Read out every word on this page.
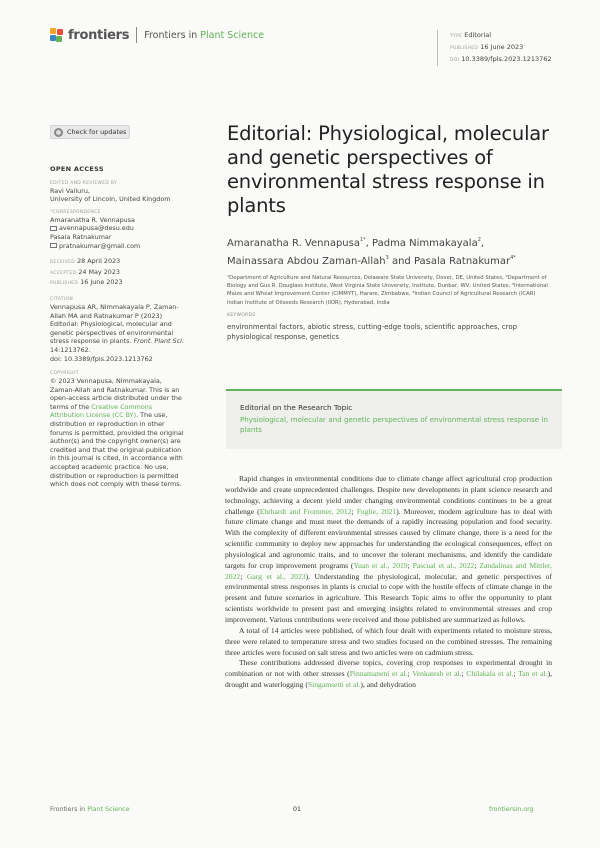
frontiers Frontiers in Plant Science	TYPE Editorial
PUBLISHED 16 June 2023
DOI 10.3389/fpls.2023.1213762
Check for updates
OPEN ACCESS
EDITED AND REVIEWED BY
Ravi Valluru,
University of Lincoln, United Kingdom
*CORRESPONDENCE
Amaranatha R. Vennapusa
avennapusa@desu.edu
Pasala Ratnakumar
pratnakumar@gmail.com
RECEIVED 28 April 2023
ACCEPTED 24 May 2023
PUBLISHED 16 June 2023
CITATION
Vennapusa AR, Nimmakayala P, Zaman-Allah MA and Ratnakumar P (2023) Editorial: Physiological, molecular and genetic perspectives of environmental stress response in plants. Front. Plant Sci. 14:1213762.
doi: 10.3389/fpls.2023.1213762
COPYRIGHT
© 2023 Vennapusa, Nimmakayala, Zaman-Allah and Ratnakumar. This is an open-access article distributed under the terms of the Creative Commons Attribution License (CC BY). The use, distribution or reproduction in other forums is permitted, provided the original author(s) and the copyright owner(s) are credited and that the original publication in this journal is cited, in accordance with accepted academic practice. No use, distribution or reproduction is permitted which does not comply with these terms.
Editorial: Physiological, molecular and genetic perspectives of environmental stress response in plants
Amaranatha R. Vennapusa$^{1*}$, Padma Nimmakayala$^2$,
Mainassara Abdou Zaman-Allah$^3$ and Pasala Ratnakumar$^{4*}$
¹Department of Agriculture and Natural Resources, Delaware State University, Dover, DE, United States, ²Department of Biology and Gus R. Douglass Institute, West Virginia State University, Institute, Dunbar, WV, United States, ³International Maize and Wheat Improvement Center (CIMMYT), Harare, Zimbabwe, ⁴Indian Council of Agricultural Research (ICAR) Indian Institute of Oilseeds Research (IIOR), Hyderabad, India
KEYWORDS
environmental factors, abiotic stress, cutting-edge tools, scientific approaches, crop physiological response, genetics
Editorial on the Research Topic
Physiological, molecular and genetic perspectives of environmental stress response in plants

Rapid changes in environmental conditions due to climate change affect agricultural crop production worldwide and create unprecedented challenges. Despite new developments in plant science research and technology, achieving a decent yield under changing environmental conditions continues to be a great challenge (Ehrhardt and Frommer, 2012; Fuglie, 2021). Moreover, modern agriculture has to deal with future climate change and must meet the demands of a rapidly increasing population and food security. With the complexity of different environmental stresses caused by climate change, there is a need for the scientific community to deploy new approaches for understanding the ecological consequences, effect on physiological and agronomic traits, and to uncover the tolerant mechanisms, and identify the candidate targets for crop improvement programs (Yuan et al., 2019; Pascual et al., 2022; Zandalinas and Mittler, 2022; Garg et al., 2023). Understanding the physiological, molecular, and genetic perspectives of environmental stress responses in plants is crucial to cope with the hostile effects of climate change in the present and future scenarios in agriculture. This Research Topic aims to offer the opportunity to plant scientists worldwide to present past and emerging insights related to environmental stresses and crop improvement. Various contributions were received and those published are summarized as follows.

A total of 14 articles were published, of which four dealt with experiments related to moisture stress, three were related to temperature stress and two studies focused on the combined stresses. The remaining three articles were focused on salt stress and two articles were on cadmium stress.

These contributions addressed diverse topics, covering crop responses to experimental drought in combination or not with other stresses (Pinnamaneni et al.; Venkatesh et al.; Chilakala et al.; Tan et al.), drought and waterlogging (Singamsetti et al.), and dehydration

Frontiers in Plant Science	01	frontiersin.org
